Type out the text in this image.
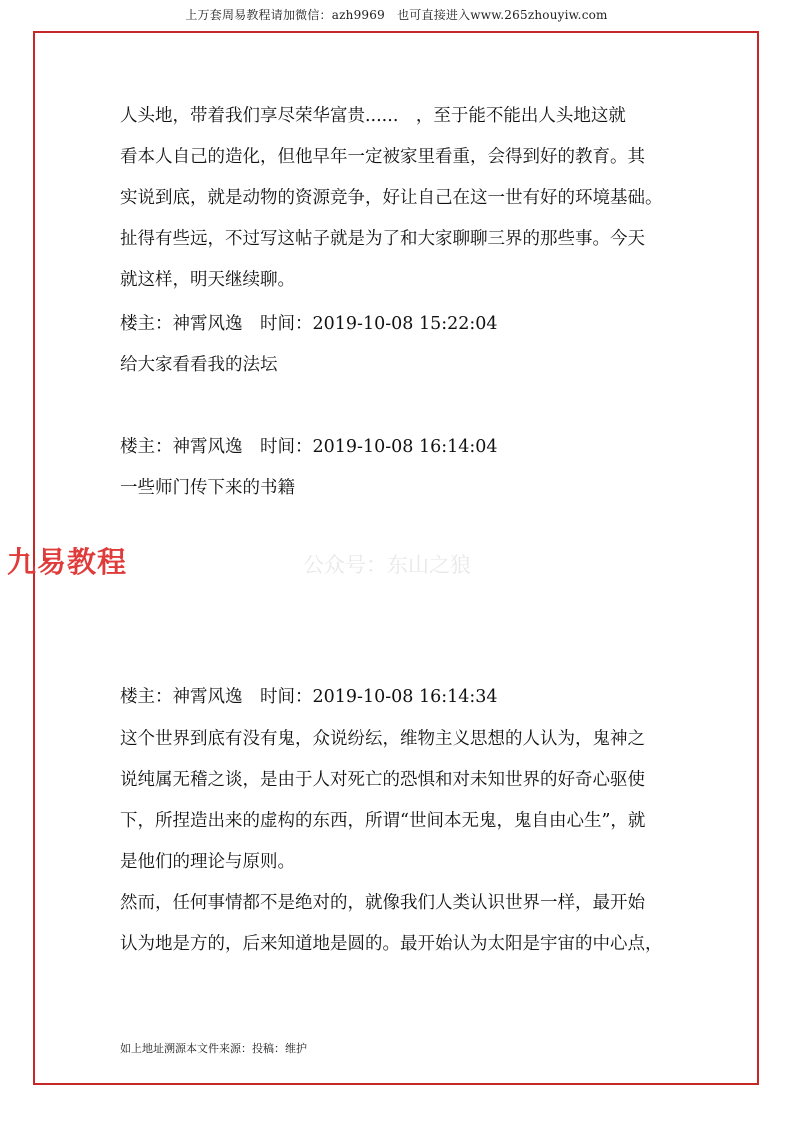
上万套周易教程请加微信：azh9969　也可直接进入www.265zhouyiw.com

人头地，带着我们享尽荣华富贵......　，至于能不能出人头地这就

看本人自己的造化，但他早年一定被家里看重，会得到好的教育。其

实说到底，就是动物的资源竞争，好让自己在这一世有好的环境基础。

扯得有些远，不过写这帖子就是为了和大家聊聊三界的那些事。今天

就这样，明天继续聊。

楼主：神霄风逸　时间：2019-10-08 15:22:04

给大家看看我的法坛

楼主：神霄风逸　时间：2019-10-08 16:14:04

一些师门传下来的书籍

九易教程	公众号：东山之狼

楼主：神霄风逸　时间：2019-10-08 16:14:34

这个世界到底有没有鬼，众说纷纭，维物主义思想的人认为，鬼神之

说纯属无稽之谈，是由于人对死亡的恐惧和对未知世界的好奇心驱使

下，所捏造出来的虚构的东西，所谓“世间本无鬼，鬼自由心生”，就

是他们的理论与原则。

然而，任何事情都不是绝对的，就像我们人类认识世界一样，最开始

认为地是方的，后来知道地是圆的。最开始认为太阳是宇宙的中心点，

如上地址溯源本文件来源：投稿：维护
